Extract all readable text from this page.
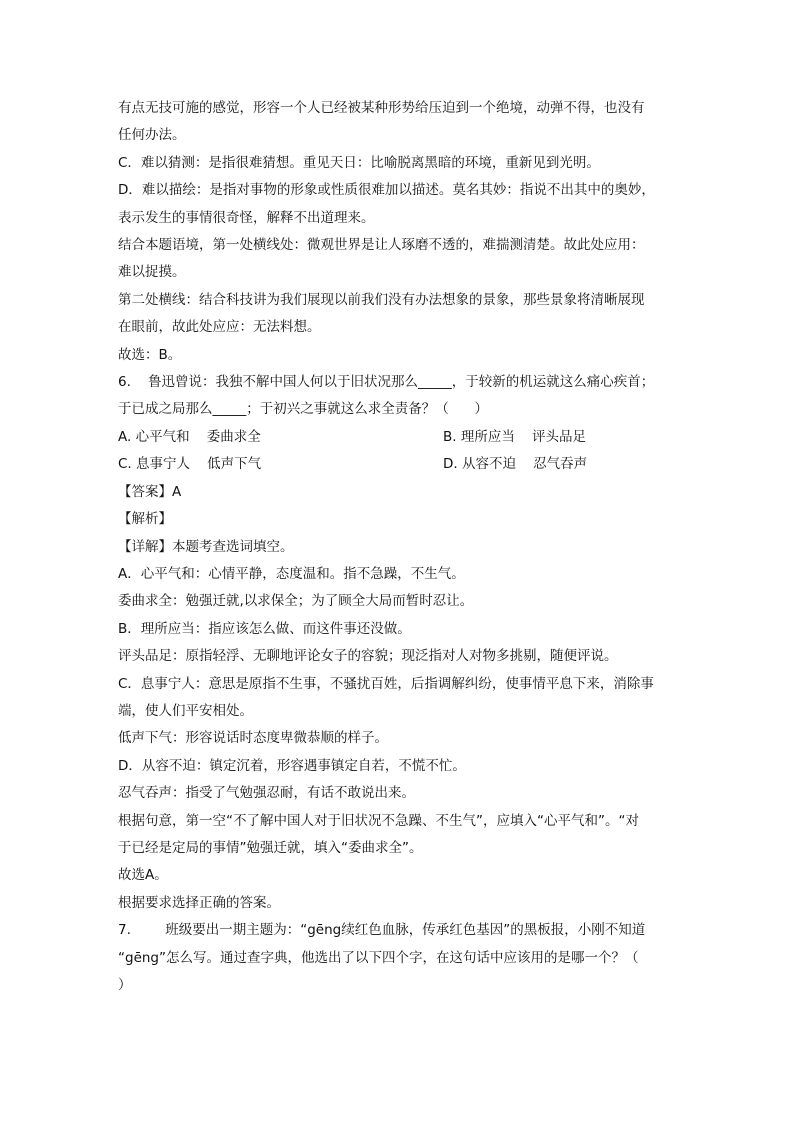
有点无技可施的感觉，形容一个人已经被某种形势给压迫到一个绝境，动弹不得，也没有

任何办法。

C．难以猜测：是指很难猜想。重见天日：比喻脱离黑暗的环境，重新见到光明。

D．难以描绘：是指对事物的形象或性质很难加以描述。莫名其妙：指说不出其中的奥妙，

表示发生的事情很奇怪，解释不出道理来。

结合本题语境，第一处横线处：微观世界是让人琢磨不透的，难揣测清楚。故此处应用：

难以捉摸。

第二处横线：结合科技讲为我们展现以前我们没有办法想象的景象，那些景象将清晰展现

在眼前，故此处应应：无法料想。

故选：B。

6.    鲁迅曾说：我独不解中国人何以于旧状况那么_____，于较新的机运就这么痛心疾首；

于已成之局那么_____；于初兴之事就这么求全责备？（      ）

A. 心平气和    委曲求全	B. 理所应当    评头品足
C. 息事宁人    低声下气	D. 从容不迫    忍气吞声

【答案】A

【解析】

【详解】本题考查选词填空。

A．心平气和：心情平静，态度温和。指不急躁，不生气。

委曲求全：勉强迁就,以求保全；为了顾全大局而暂时忍让。

B．理所应当：指应该怎么做、而这件事还没做。

评头品足：原指轻浮、无聊地评论女子的容貌；现泛指对人对物多挑剔，随便评说。

C．息事宁人：意思是原指不生事，不骚扰百姓，后指调解纠纷，使事情平息下来，消除事

端，使人们平安相处。

低声下气：形容说话时态度卑微恭顺的样子。

D．从容不迫：镇定沉着，形容遇事镇定自若，不慌不忙。

忍气吞声：指受了气勉强忍耐，有话不敢说出来。

根据句意，第一空“不了解中国人对于旧状况不急躁、不生气”，应填入“心平气和”。“对

于已经是定局的事情”勉强迁就，填入“委曲求全”。

故选A。

根据要求选择正确的答案。

7.        班级要出一期主题为：“gēng续红色血脉，传承红色基因”的黑板报，小刚不知道

“gēng”怎么写。通过查字典，他选出了以下四个字，在这句话中应该用的是哪一个？（

）
